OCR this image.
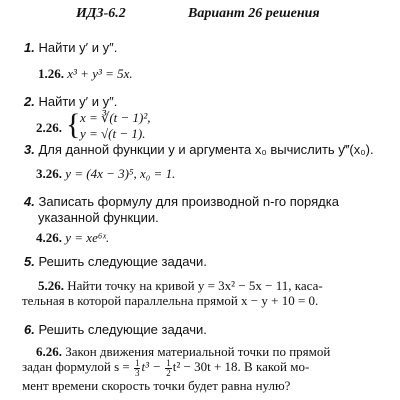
ИДЗ-6.2	Вариант 26 решения
1. Найти y′ и y″.
1.26. x³ + y³ = 5x.
2. Найти y′ и y″.
2.26. { x = ∛(t − 1)²,
y = √(t − 1).
3. Для данной функции y и аргумента x₀ вычислить y‴(x₀).
3.26. y = (4x − 3)⁵, x₀ = 1.
4. Записать формулу для производной n-го порядка
указанной функции.
4.26. y = xe⁶ˣ.
5. Решить следующие задачи.
5.26. Найти точку на кривой y = 3x² − 5x − 11, каса-
тельная в которой параллельна прямой x − y + 10 = 0.
6. Решить следующие задачи.
6.26. Закон движения материальной точки по прямой
задан формулой $s = \frac{1}{3} t^3 - \frac{1}{2} t^2 - 30t + 18$. В какой мо-
мент времени скорость точки будет равна нулю?
